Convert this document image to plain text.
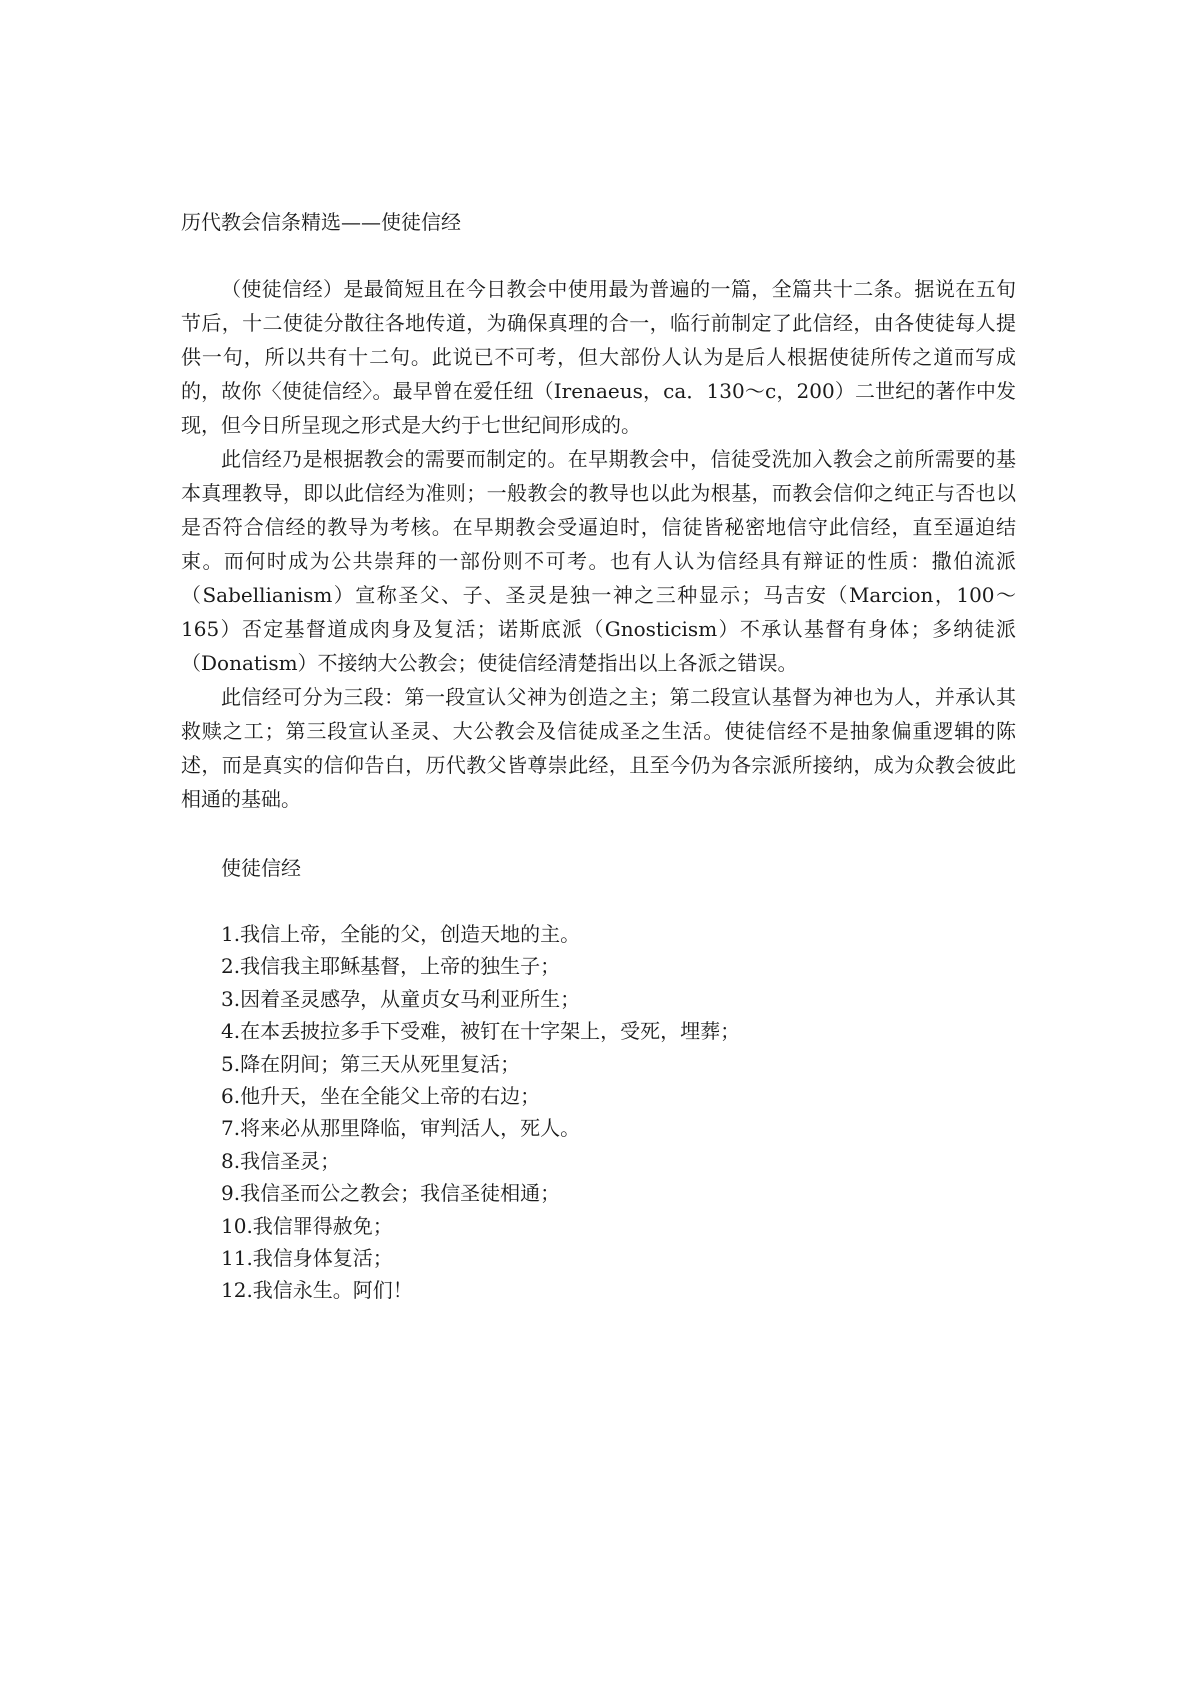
历代教会信条精选——使徒信经

（使徒信经）是最简短且在今日教会中使用最为普遍的一篇，全篇共十二条。据说在五旬节后，十二使徒分散往各地传道，为确保真理的合一，临行前制定了此信经，由各使徒每人提供一句，所以共有十二句。此说已不可考，但大部份人认为是后人根据使徒所传之道而写成的，故你〈使徒信经〉。最早曾在爱任纽（Irenaeus，ca．130～c，200）二世纪的著作中发现，但今日所呈现之形式是大约于七世纪间形成的。

此信经乃是根据教会的需要而制定的。在早期教会中，信徒受洗加入教会之前所需要的基本真理教导，即以此信经为准则；一般教会的教导也以此为根基，而教会信仰之纯正与否也以是否符合信经的教导为考核。在早期教会受逼迫时，信徒皆秘密地信守此信经，直至逼迫结束。而何时成为公共崇拜的一部份则不可考。也有人认为信经具有辩证的性质：撒伯流派（Sabellianism）宣称圣父、子、圣灵是独一神之三种显示；马吉安（Marcion，100～165）否定基督道成肉身及复活；诺斯底派（Gnosticism）不承认基督有身体；多纳徒派（Donatism）不接纳大公教会；使徒信经清楚指出以上各派之错误。

此信经可分为三段：第一段宣认父神为创造之主；第二段宣认基督为神也为人，并承认其救赎之工；第三段宣认圣灵、大公教会及信徒成圣之生活。使徒信经不是抽象偏重逻辑的陈述，而是真实的信仰告白，历代教父皆尊崇此经，且至今仍为各宗派所接纳，成为众教会彼此相通的基础。

使徒信经
1.我信上帝，全能的父，创造天地的主。
2.我信我主耶稣基督，上帝的独生子；
3.因着圣灵感孕，从童贞女马利亚所生；
4.在本丢披拉多手下受难，被钉在十字架上，受死，埋葬；
5.降在阴间；第三天从死里复活；
6.他升天，坐在全能父上帝的右边；
7.将来必从那里降临，审判活人，死人。
8.我信圣灵；
9.我信圣而公之教会；我信圣徒相通；
10.我信罪得赦免；
11.我信身体复活；
12.我信永生。阿们！
